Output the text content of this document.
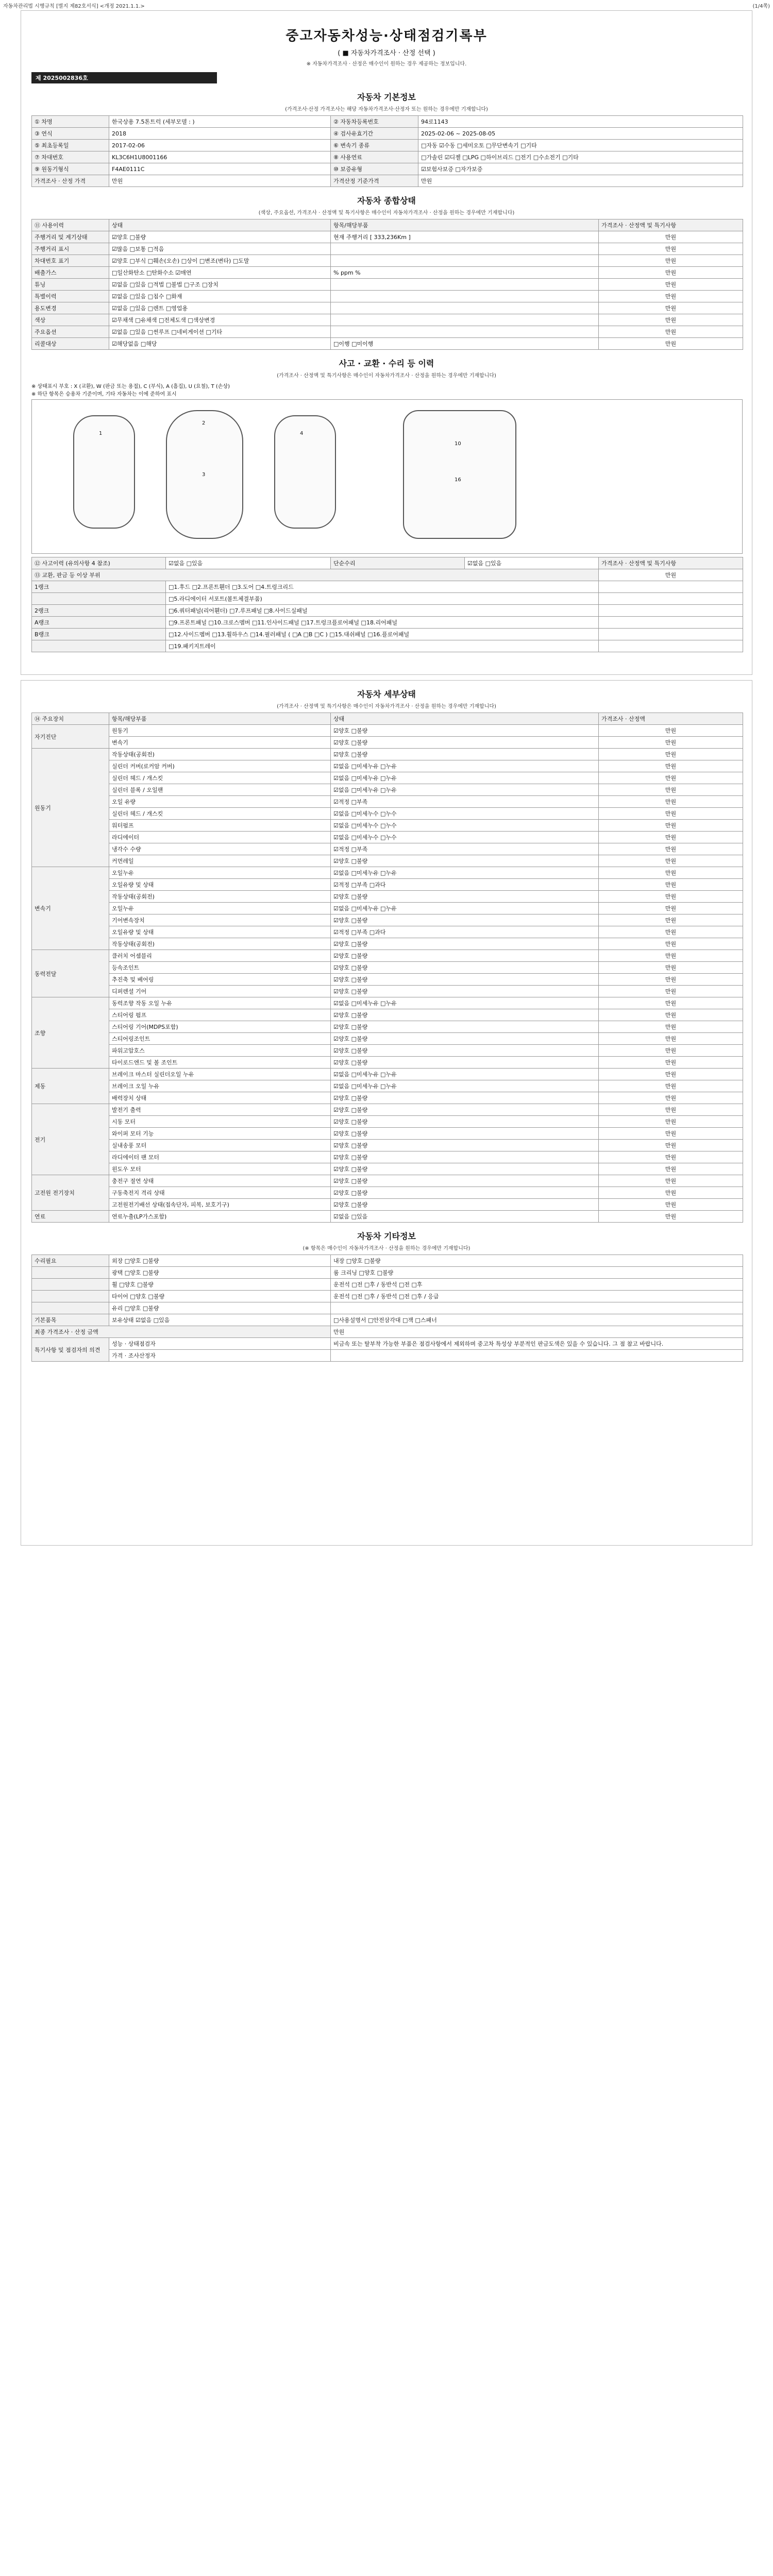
자동차관리법 시행규칙 [별지 제82호서식] <개정 2021.1.1.>	(1/4쪽)
중고자동차성능·상태점검기록부
( ■ 자동차가격조사 · 산정 선택 )
※ 자동차가격조사 · 산정은 매수인이 원하는 경우 제공하는 정보입니다.
제 2025002836호
자동차 기본정보
(가격조사·산정 가격조사는 해당 자동차가격조사·산정자 또는 원하는 경우에만 기재합니다)
① 차명	한국상용 7.5톤트럭 (세부모델 : )	② 자동차등록번호	94로1143
③ 연식	2018	④ 검사유효기간	2025-02-06 ~ 2025-08-05
⑤ 최초등록일	2017-02-06	⑥ 변속기 종류	□자동 ☑수동 □세미오토 □무단변속기 □기타
⑦ 차대번호	KL3C6H1U8001166	⑧ 사용연료	□가솔린 ☑디젤 □LPG □하이브리드 □전기 □수소전기 □기타
⑨ 원동기형식	F4AE0111C	⑩ 보증유형	☑보험사보증 □자가보증
가격조사 · 산정 가격	만원	가격산정 기준가격	만원
자동차 종합상태
(색상, 주요옵션, 가격조사 · 산정액 및 특기사항은 매수인이 자동차가격조사 · 산정을 원하는 경우에만 기재합니다)
⑪ 사용이력	상태	항목/해당부품	가격조사 · 산정액 및 특기사항
주행거리 및 계기상태	☑양호 □불량	현재 주행거리 [ 333,236Km ]	만원
주행거리 표시	☑많음 □보통 □적음		만원
차대번호 표기	☑양호 □부식 □훼손(오손) □상이 □변조(변타) □도말		만원
배출가스	□일산화탄소 □탄화수소 ☑매연	% ppm %	만원
튜닝	☑없음 □있음 □적법 □불법 □구조 □장치		만원
특별이력	☑없음 □있음 □침수 □화재		만원
용도변경	☑없음 □있음 □렌트 □영업용		만원
색상	☑무채색 □유채색 □전체도색 □색상변경		만원
주요옵션	☑없음 □있음 □썬루프 □네비게이션 □기타		만원
리콜대상	☑해당없음 □해당	□이행 □미이행	만원
사고 · 교환 · 수리 등 이력
(가격조사 · 산정액 및 특기사항은 매수인이 자동차가격조사 · 산정을 원하는 경우에만 기재합니다)
※ 상태표시 부호 : X (교환), W (판금 또는 용접), C (부식), A (흠집), U (요철), T (손상)
※ 하단 항목은 승용차 기준이며, 기타 자동차는 이에 준하여 표시
1
2
3
4
10
16
⑫ 사고이력 (유의사항 4 참조)	☑없음 □있음	단순수리	☑없음 □있음	가격조사 · 산정액 및 특기사항
⑬ 교환, 판금 등 이상 부위				만원
1랭크	□1.후드 □2.프론트휀더 □3.도어 □4.트렁크리드			
	□5.라디에이터 서포트(볼트체결부품)			
2랭크	□6.쿼터패널(리어휀더) □7.루프패널 □8.사이드실패널			
A랭크	□9.프론트패널 □10.크로스멤버 □11.인사이드패널 □17.트렁크플로어패널 □18.리어패널			
B랭크	□12.사이드멤버 □13.휠하우스 □14.필러패널 ( □A □B □C ) □15.대쉬패널 □16.플로어패널			
	□19.패키지트레이			
자동차 세부상태
(가격조사 · 산정액 및 특기사항은 매수인이 자동차가격조사 · 산정을 원하는 경우에만 기재합니다)
⑭ 주요장치	항목/해당부품	상태	가격조사 · 산정액
자기진단	원동기	☑양호 □불량	만원
	변속기	☑양호 □불량	만원
원동기	작동상태(공회전)	☑양호 □불량	만원
	실린더 커버(로커암 커버)	☑없음 □미세누유 □누유	만원
	실린더 헤드 / 개스킷	☑없음 □미세누유 □누유	만원
	실린더 블록 / 오일팬	☑없음 □미세누유 □누유	만원
	오일 유량	☑적정 □부족	만원
	실린더 헤드 / 개스킷	☑없음 □미세누수 □누수	만원
	워터펌프	☑없음 □미세누수 □누수	만원
	라디에이터	☑없음 □미세누수 □누수	만원
	냉각수 수량	☑적정 □부족	만원
	커먼레일	☑양호 □불량	만원
변속기	오일누유	☑없음 □미세누유 □누유	만원
	오일유량 및 상태	☑적정 □부족 □과다	만원
	작동상태(공회전)	☑양호 □불량	만원
	오일누유	☑없음 □미세누유 □누유	만원
	기어변속장치	☑양호 □불량	만원
	오일유량 및 상태	☑적정 □부족 □과다	만원
	작동상태(공회전)	☑양호 □불량	만원
동력전달	클러치 어셈블리	☑양호 □불량	만원
	등속조인트	☑양호 □불량	만원
	추진축 및 베어링	☑양호 □불량	만원
	디퍼렌셜 기어	☑양호 □불량	만원
조향	동력조향 작동 오일 누유	☑없음 □미세누유 □누유	만원
	스티어링 펌프	☑양호 □불량	만원
	스티어링 기어(MDPS포함)	☑양호 □불량	만원
	스티어링조인트	☑양호 □불량	만원
	파워고압호스	☑양호 □불량	만원
	타이로드엔드 및 볼 조인트	☑양호 □불량	만원
제동	브레이크 마스터 실린더오일 누유	☑없음 □미세누유 □누유	만원
	브레이크 오일 누유	☑없음 □미세누유 □누유	만원
	배력장치 상태	☑양호 □불량	만원
전기	발전기 출력	☑양호 □불량	만원
	시동 모터	☑양호 □불량	만원
	와이퍼 모터 기능	☑양호 □불량	만원
	실내송풍 모터	☑양호 □불량	만원
	라디에이터 팬 모터	☑양호 □불량	만원
	윈도우 모터	☑양호 □불량	만원
고전원 전기장치	충전구 절연 상태	☑양호 □불량	만원
	구동축전지 격리 상태	☑양호 □불량	만원
	고전원전기배선 상태(접속단자, 피복, 보호기구)	☑양호 □불량	만원
연료	연료누출(LP가스포함)	☑없음 □있음	만원
자동차 기타정보
(※ 항목은 매수인이 자동차가격조사 · 산정을 원하는 경우에만 기재합니다)
수리필요	외장 □양호 □불량	내장 □양호 □불량
	광택 □양호 □불량	룸 크리닝 □양호 □불량
	휠 □양호 □불량	운전석 □전 □후 / 동반석 □전 □후
	타이어 □양호 □불량	운전석 □전 □후 / 동반석 □전 □후 / 응급
	유리 □양호 □불량	
기본품목	보유상태 ☑없음 □있음	□사용설명서 □안전삼각대 □잭 □스패너
최종 가격조사 · 산정 금액		만원
특기사항 및 점검자의 의견	성능 · 상태점검자	비금속 또는 탈부착 가능한 부품은 점검사항에서 제외하며 중고차 특성상 부분적인 판금도색은 있을 수 있습니다. 그 점 참고 바랍니다.
	가격 · 조사산정자	
